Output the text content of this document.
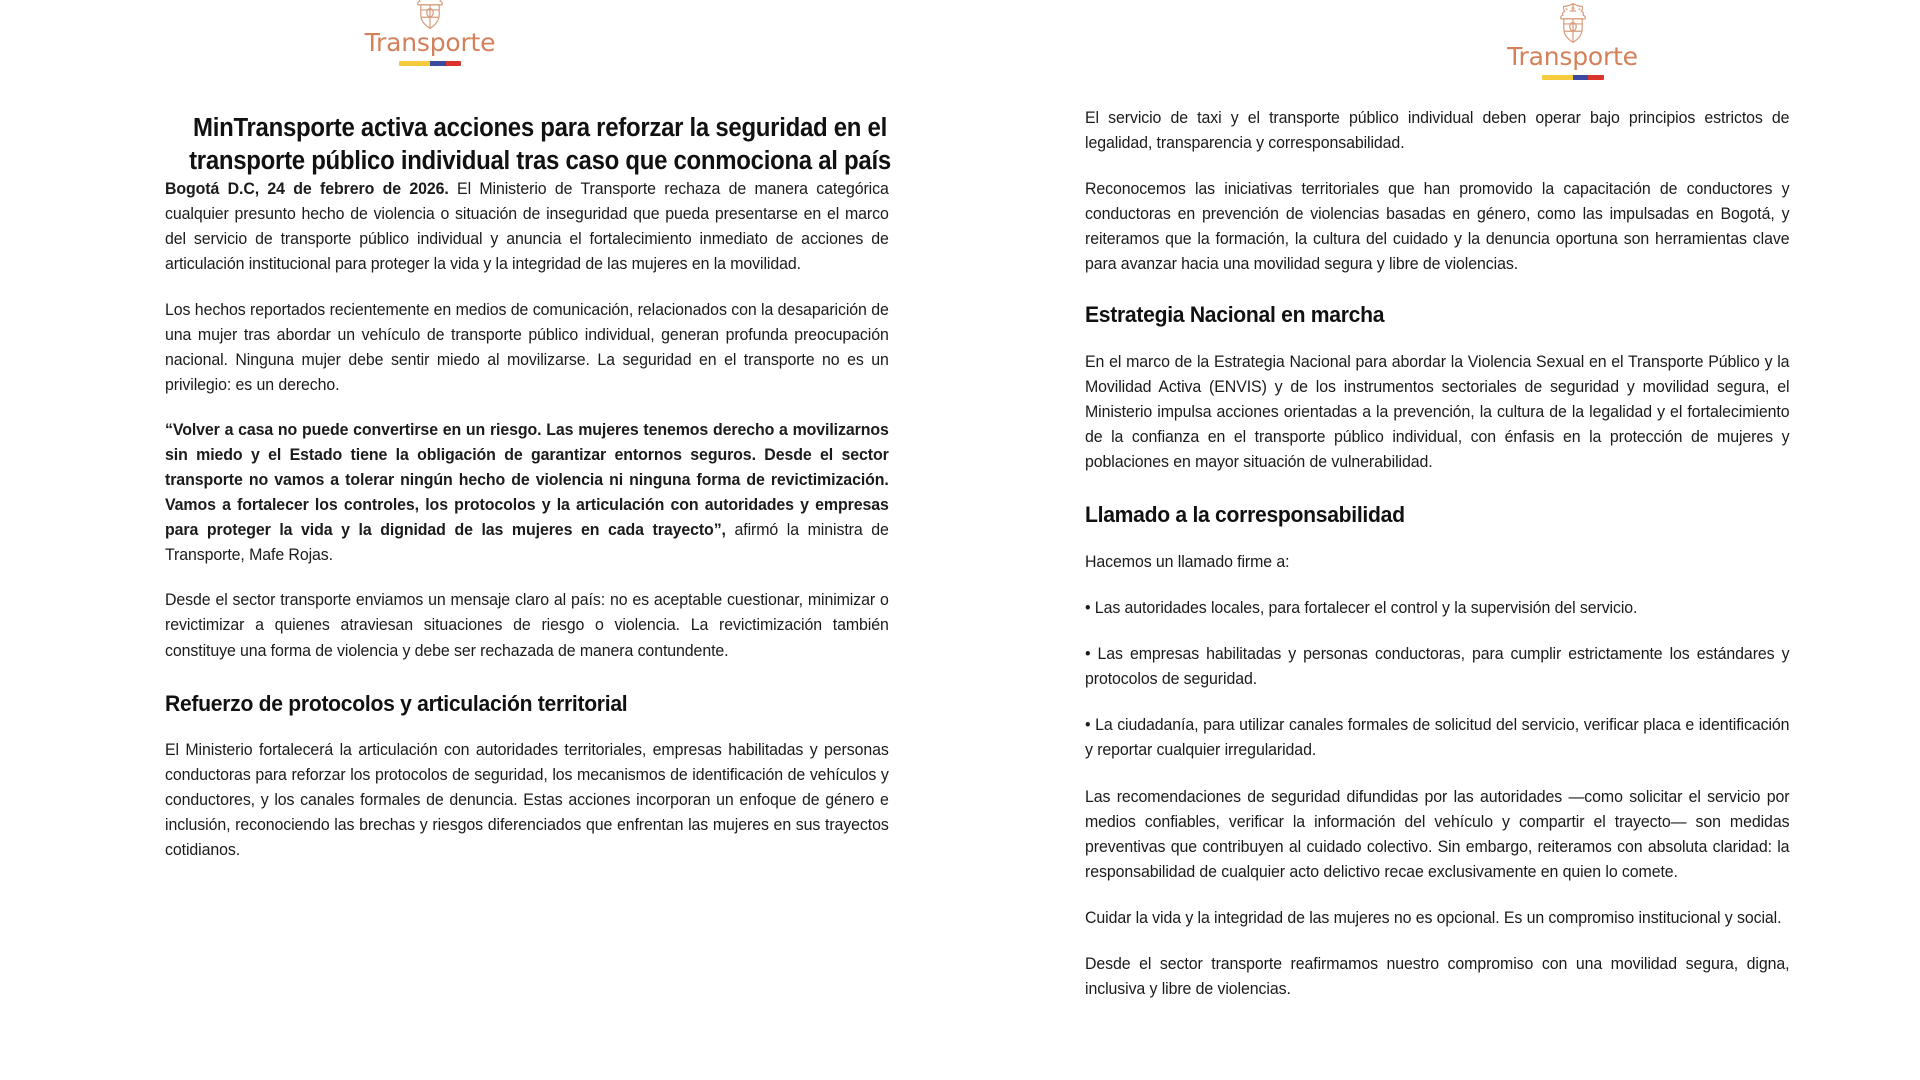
Transporte
MinTransporte activa acciones para reforzar la seguridad en el transporte público individual tras caso que conmociona al país

Bogotá D.C, 24 de febrero de 2026. El Ministerio de Transporte rechaza de manera categórica cualquier presunto hecho de violencia o situación de inseguridad que pueda presentarse en el marco del servicio de transporte público individual y anuncia el fortalecimiento inmediato de acciones de articulación institucional para proteger la vida y la integridad de las mujeres en la movilidad.

Los hechos reportados recientemente en medios de comunicación, relacionados con la desaparición de una mujer tras abordar un vehículo de transporte público individual, generan profunda preocupación nacional. Ninguna mujer debe sentir miedo al movilizarse. La seguridad en el transporte no es un privilegio: es un derecho.

“Volver a casa no puede convertirse en un riesgo. Las mujeres tenemos derecho a movilizarnos sin miedo y el Estado tiene la obligación de garantizar entornos seguros. Desde el sector transporte no vamos a tolerar ningún hecho de violencia ni ninguna forma de revictimización. Vamos a fortalecer los controles, los protocolos y la articulación con autoridades y empresas para proteger la vida y la dignidad de las mujeres en cada trayecto”, afirmó la ministra de Transporte, Mafe Rojas.

Desde el sector transporte enviamos un mensaje claro al país: no es aceptable cuestionar, minimizar o revictimizar a quienes atraviesan situaciones de riesgo o violencia. La revictimización también constituye una forma de violencia y debe ser rechazada de manera contundente.

Refuerzo de protocolos y articulación territorial

El Ministerio fortalecerá la articulación con autoridades territoriales, empresas habilitadas y personas conductoras para reforzar los protocolos de seguridad, los mecanismos de identificación de vehículos y conductores, y los canales formales de denuncia. Estas acciones incorporan un enfoque de género e inclusión, reconociendo las brechas y riesgos diferenciados que enfrentan las mujeres en sus trayectos cotidianos.

Transporte

El servicio de taxi y el transporte público individual deben operar bajo principios estrictos de legalidad, transparencia y corresponsabilidad.

Reconocemos las iniciativas territoriales que han promovido la capacitación de conductores y conductoras en prevención de violencias basadas en género, como las impulsadas en Bogotá, y reiteramos que la formación, la cultura del cuidado y la denuncia oportuna son herramientas clave para avanzar hacia una movilidad segura y libre de violencias.

Estrategia Nacional en marcha

En el marco de la Estrategia Nacional para abordar la Violencia Sexual en el Transporte Público y la Movilidad Activa (ENVIS) y de los instrumentos sectoriales de seguridad y movilidad segura, el Ministerio impulsa acciones orientadas a la prevención, la cultura de la legalidad y el fortalecimiento de la confianza en el transporte público individual, con énfasis en la protección de mujeres y poblaciones en mayor situación de vulnerabilidad.

Llamado a la corresponsabilidad

Hacemos un llamado firme a:

• Las autoridades locales, para fortalecer el control y la supervisión del servicio.

• Las empresas habilitadas y personas conductoras, para cumplir estrictamente los estándares y protocolos de seguridad.

• La ciudadanía, para utilizar canales formales de solicitud del servicio, verificar placa e identificación y reportar cualquier irregularidad.

Las recomendaciones de seguridad difundidas por las autoridades —como solicitar el servicio por medios confiables, verificar la información del vehículo y compartir el trayecto— son medidas preventivas que contribuyen al cuidado colectivo. Sin embargo, reiteramos con absoluta claridad: la responsabilidad de cualquier acto delictivo recae exclusivamente en quien lo comete.

Cuidar la vida y la integridad de las mujeres no es opcional. Es un compromiso institucional y social.

Desde el sector transporte reafirmamos nuestro compromiso con una movilidad segura, digna, inclusiva y libre de violencias.
